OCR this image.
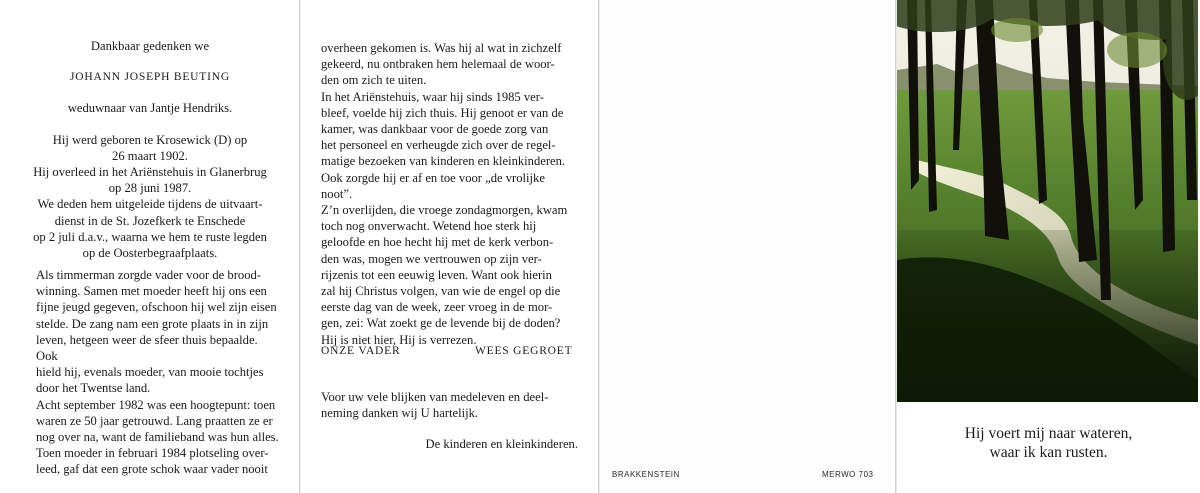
Dankbaar gedenken we

JOHANN JOSEPH BEUTING

weduwnaar van Jantje Hendriks.

Hij werd geboren te Krosewick (D) op

26 maart 1902.

Hij overleed in het Ariënstehuis in Glanerbrug

op 28 juni 1987.

We deden hem uitgeleide tijdens de uitvaart-

dienst in de St. Jozefkerk te Enschede

op 2 juli d.a.v., waarna we hem te ruste legden

op de Oosterbegraafplaats.

Als timmerman zorgde vader voor de brood-
winning. Samen met moeder heeft hij ons een
fijne jeugd gegeven, ofschoon hij wel zijn eisen
stelde. De zang nam een grote plaats in in zijn
leven, hetgeen weer de sfeer thuis bepaalde. Ook
hield hij, evenals moeder, van mooie tochtjes
door het Twentse land.
Acht september 1982 was een hoogtepunt: toen
waren ze 50 jaar getrouwd. Lang praatten ze er
nog over na, want de familieband was hun alles.
Toen moeder in februari 1984 plotseling over-
leed, gaf dat een grote schok waar vader nooit
overheen gekomen is. Was hij al wat in zichzelf
gekeerd, nu ontbraken hem helemaal de woor-
den om zich te uiten.
In het Ariënstehuis, waar hij sinds 1985 ver-
bleef, voelde hij zich thuis. Hij genoot er van de
kamer, was dankbaar voor de goede zorg van
het personeel en verheugde zich over de regel-
matige bezoeken van kinderen en kleinkinderen.
Ook zorgde hij er af en toe voor „de vrolijke
noot”.
Z’n overlijden, die vroege zondagmorgen, kwam
toch nog onverwacht. Wetend hoe sterk hij
geloofde en hoe hecht hij met de kerk verbon-
den was, mogen we vertrouwen op zijn ver-
rijzenis tot een eeuwig leven. Want ook hierin
zal hij Christus volgen, van wie de engel op die
eerste dag van de week, zeer vroeg in de mor-
gen, zei: Wat zoekt ge de levende bij de doden?
Hij is niet hier, Hij is verrezen.
ONZE VADER	WEES GEGROET
Voor uw vele blijken van medeleven en deel-
neming danken wij U hartelijk.
De kinderen en kleinkinderen.
BRAKKENSTEIN	MERWO 703

Hij voert mij naar wateren,

waar ik kan rusten.
